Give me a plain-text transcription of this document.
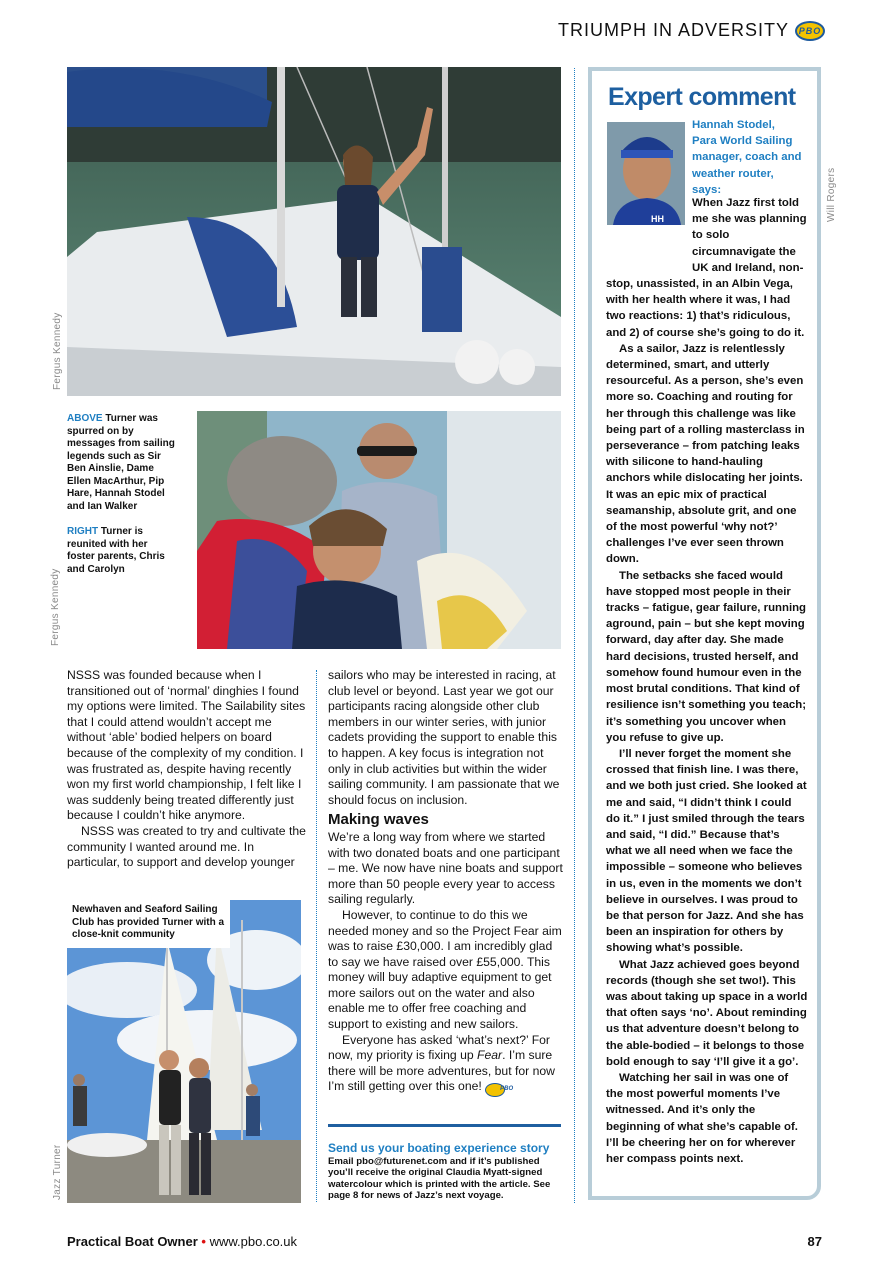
TRIUMPH IN ADVERSITY	PBO
Fergus Kennedy

ABOVE Turner was spurred on by messages from sailing legends such as Sir Ben Ainslie, Dame Ellen MacArthur, Pip Hare, Hannah Stodel and Ian Walker

RIGHT Turner is reunited with her foster parents, Chris and Carolyn

Fergus Kennedy

NSSS was founded because when I transitioned out of ‘normal’ dinghies I found my options were limited. The Sailability sites that I could attend wouldn’t accept me without ‘able’ bodied helpers on board because of the complexity of my condition. I was frustrated as, despite having recently won my first world championship, I felt like I was suddenly being treated differently just because I couldn’t hike anymore.

NSSS was created to try and cultivate the community I wanted around me. In particular, to support and develop younger

Newhaven and Seaford Sailing Club has provided Turner with a close-knit community
Jazz Turner

sailors who may be interested in racing, at club level or beyond. Last year we got our participants racing alongside other club members in our winter series, with junior cadets providing the support to enable this to happen. A key focus is integration not only in club activities but within the wider sailing community. I am passionate that we should focus on inclusion.

Making waves

We’re a long way from where we started with two donated boats and one participant – me. We now have nine boats and support more than 50 people every year to access sailing regularly.

However, to continue to do this we needed money and so the Project Fear aim was to raise £30,000. I am incredibly glad to say we have raised over £55,000. This money will buy adaptive equipment to get more sailors out on the water and also enable me to offer free coaching and support to existing and new sailors.

Everyone has asked ‘what’s next?’ For now, my priority is fixing up Fear. I’m sure there will be more adventures, but for now I’m still getting over this one!	PBO

Send us your boating experience story
Email pbo@futurenet.com and if it’s published you’ll receive the original Claudia Myatt-signed watercolour which is printed with the article. See page 8 for news of Jazz’s next voyage.
Expert comment
HH
Hannah Stodel, Para World Sailing manager, coach and weather router, says:

When Jazz first told me she was planning to solo circumnavigate the UK and Ireland, non-stop, unassisted, in an Albin Vega, with her health where it was, I had two reactions: 1) that’s ridiculous, and 2) of course she’s going to do it.

As a sailor, Jazz is relentlessly determined, smart, and utterly resourceful. As a person, she’s even more so. Coaching and routing for her through this challenge was like being part of a rolling masterclass in perseverance – from patching leaks with silicone to hand-hauling anchors while dislocating her joints. It was an epic mix of practical seamanship, absolute grit, and one of the most powerful ‘why not?’ challenges I’ve ever seen thrown down.

The setbacks she faced would have stopped most people in their tracks – fatigue, gear failure, running aground, pain – but she kept moving forward, day after day. She made hard decisions, trusted herself, and somehow found humour even in the most brutal conditions. That kind of resilience isn’t something you teach; it’s something you uncover when you refuse to give up.

I’ll never forget the moment she crossed that finish line. I was there, and we both just cried. She looked at me and said, “I didn’t think I could do it.” I just smiled through the tears and said, “I did.” Because that’s what we all need when we face the impossible – someone who believes in us, even in the moments we don’t believe in ourselves. I was proud to be that person for Jazz. And she has been an inspiration for others by showing what’s possible.

What Jazz achieved goes beyond records (though she set two!). This was about taking up space in a world that often says ‘no’. About reminding us that adventure doesn’t belong to the able-bodied – it belongs to those bold enough to say ‘I’ll give it a go’.

Watching her sail in was one of the most powerful moments I’ve witnessed. And it’s only the beginning of what she’s capable of. I’ll be cheering her on for wherever her compass points next.

Will Rogers
Practical Boat Owner • www.pbo.co.uk	87
